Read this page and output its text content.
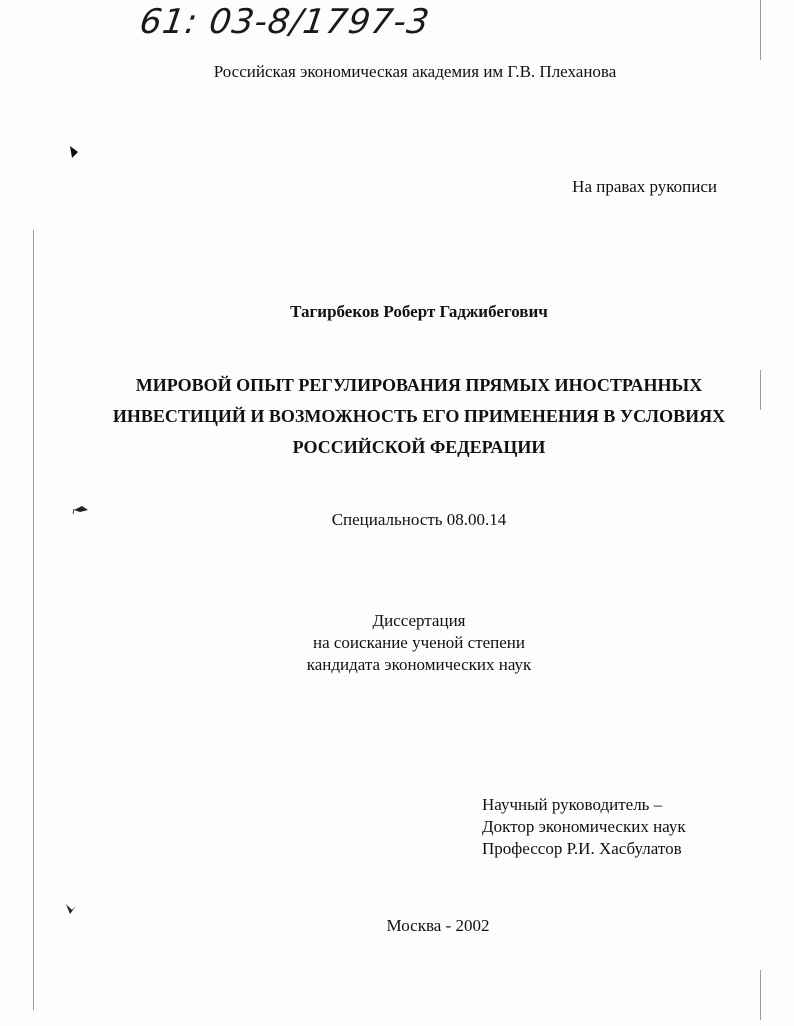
61: 03-8/1797-3
Российская экономическая академия им Г.В. Плеханова
На правах рукописи
Тагирбеков Роберт Гаджибегович
МИРОВОЙ ОПЫТ РЕГУЛИРОВАНИЯ ПРЯМЫХ ИНОСТРАННЫХ
ИНВЕСТИЦИЙ И ВОЗМОЖНОСТЬ ЕГО ПРИМЕНЕНИЯ В УСЛОВИЯХ
РОССИЙСКОЙ ФЕДЕРАЦИИ
Специальность 08.00.14
Диссертация
на соискание ученой степени
кандидата экономических наук
Научный руководитель –
Доктор экономических наук
Профессор Р.И. Хасбулатов
Москва - 2002
